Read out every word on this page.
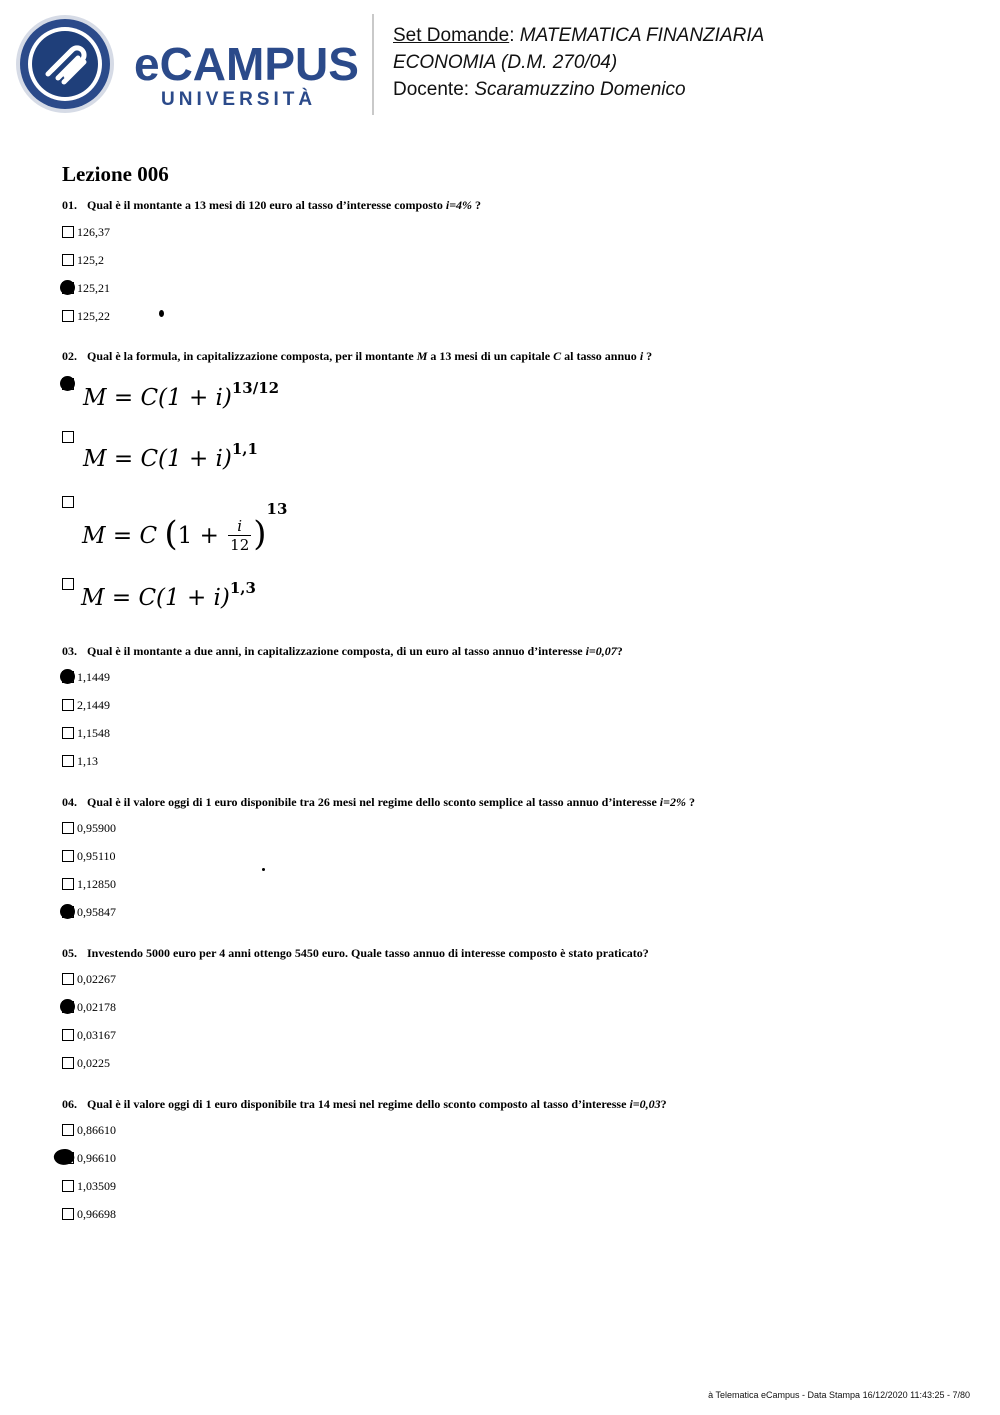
eCAMPUS
UNIVERSITÀ
Set Domande: MATEMATICA FINANZIARIA
ECONOMIA (D.M. 270/04)
Docente: Scaramuzzino Domenico
Lezione 006
01. Qual è il montante a 13 mesi di 120 euro al tasso d’interesse composto i=4% ?
126,37
125,2
125,21
125,22
02. Qual è la formula, in capitalizzazione composta, per il montante M a 13 mesi di un capitale C al tasso annuo i ?
$M = C(1 + i)^{13/12}$
$M = C(1 + i)^{1,1}$
M = C $(1 + \frac{i}{12} )^{13}$
$M = C(1 + i)^{1,3}$
03. Qual è il montante a due anni, in capitalizzazione composta, di un euro al tasso annuo d’interesse i=0,07?
1,1449
2,1449
1,1548
1,13
04. Qual è il valore oggi di 1 euro disponibile tra 26 mesi nel regime dello sconto semplice al tasso annuo d’interesse i=2% ?
0,95900
0,95110
1,12850
0,95847
05. Investendo 5000 euro per 4 anni ottengo 5450 euro. Quale tasso annuo di interesse composto è stato praticato?
0,02267
0,02178
0,03167
0,0225
06. Qual è il valore oggi di 1 euro disponibile tra 14 mesi nel regime dello sconto composto al tasso d’interesse i=0,03?
0,86610
0,96610
1,03509
0,96698
à Telematica eCampus - Data Stampa 16/12/2020 11:43:25 - 7/80
